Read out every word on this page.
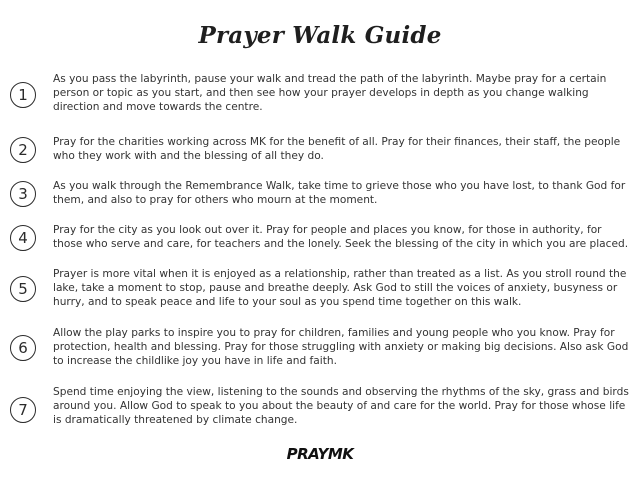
Prayer Walk Guide
1
As you pass the labyrinth, pause your walk and tread the path of the labyrinth. Maybe pray for a certain person or topic as you start, and then see how your prayer develops in depth as you change walking direction and move towards the centre.
2	Pray for the charities working across MK for the benefit of all. Pray for their finances, their staff, the people who they work with and the blessing of all they do.
3	As you walk through the Remembrance Walk, take time to grieve those who you have lost, to thank God for them, and also to pray for others who mourn at the moment.
4	Pray for the city as you look out over it. Pray for people and places you know, for those in authority, for those who serve and care, for teachers and the lonely. Seek the blessing of the city in which you are placed.
5
Prayer is more vital when it is enjoyed as a relationship, rather than treated as a list. As you stroll round the lake, take a moment to stop, pause and breathe deeply. Ask God to still the voices of anxiety, busyness or hurry, and to speak peace and life to your soul as you spend time together on this walk.
6
Allow the play parks to inspire you to pray for children, families and young people who you know. Pray for protection, health and blessing. Pray for those struggling with anxiety or making big decisions. Also ask God to increase the childlike joy you have in life and faith.
7
Spend time enjoying the view, listening to the sounds and observing the rhythms of the sky, grass and birds around you. Allow God to speak to you about the beauty of and care for the world. Pray for those whose life is dramatically threatened by climate change.
PRAYMK
